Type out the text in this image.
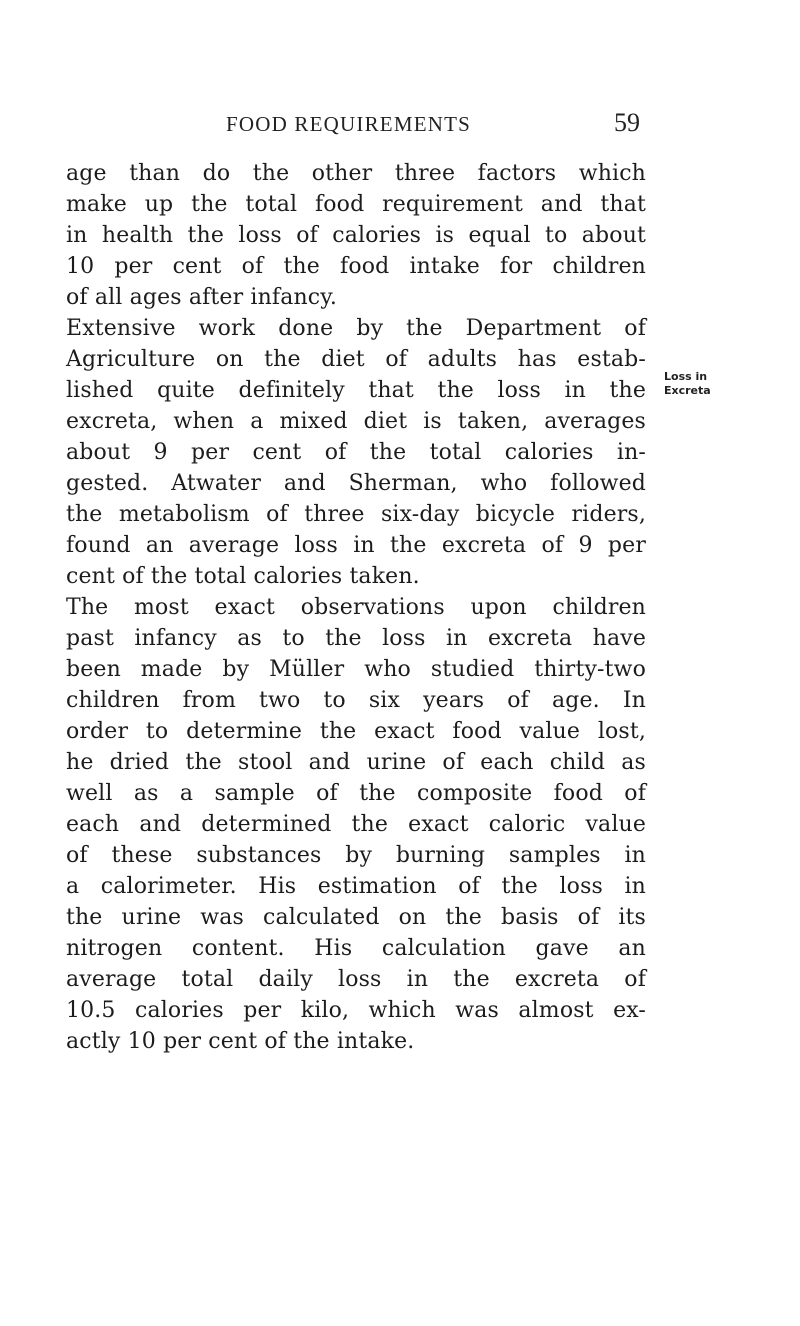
FOOD REQUIREMENTS	59
Loss in
Excreta
age than do the other three factors which
make up the total food requirement and that
in health the loss of calories is equal to about
10 per cent of the food intake for children
of all ages after infancy.
Extensive work done by the Department of
Agriculture on the diet of adults has estab-
lished quite definitely that the loss in the
excreta, when a mixed diet is taken, averages
about 9 per cent of the total calories in-
gested. Atwater and Sherman, who followed
the metabolism of three six-day bicycle riders,
found an average loss in the excreta of 9 per
cent of the total calories taken.
The most exact observations upon children
past infancy as to the loss in excreta have
been made by Müller who studied thirty-two
children from two to six years of age. In
order to determine the exact food value lost,
he dried the stool and urine of each child as
well as a sample of the composite food of
each and determined the exact caloric value
of these substances by burning samples in
a calorimeter. His estimation of the loss in
the urine was calculated on the basis of its
nitrogen content. His calculation gave an
average total daily loss in the excreta of
10.5 calories per kilo, which was almost ex-
actly 10 per cent of the intake.
